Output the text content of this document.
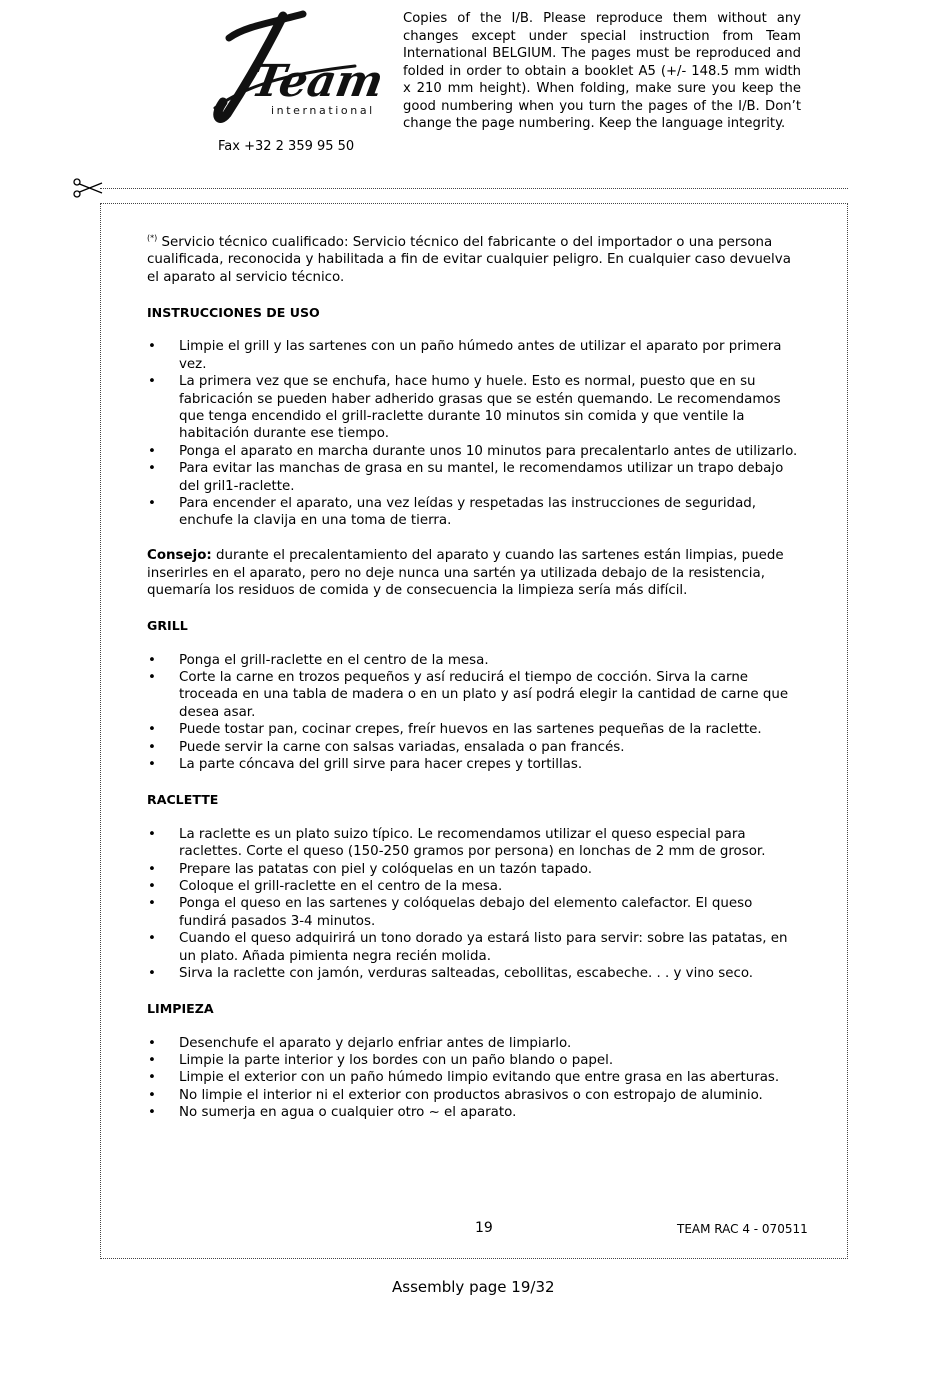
Team
international
Fax +32 2 359 95 50
Copies of the I/B. Please reproduce them without any changes except under special instruction from Team International BELGIUM. The pages must be reproduced and folded in order to obtain a booklet A5 (+/- 148.5 mm width x 210 mm height). When folding, make sure you keep the good numbering when you turn the pages of the I/B. Don’t change the page numbering. Keep the language integrity.

(*) Servicio técnico cualificado: Servicio técnico del fabricante o del importador o una persona cualificada, reconocida y habilitada a fin de evitar cualquier peligro. En cualquier caso devuelva el aparato al servicio técnico.

INSTRUCCIONES DE USO

• Limpie el grill y las sartenes con un paño húmedo antes de utilizar el aparato por primera vez.
• La primera vez que se enchufa, hace humo y huele. Esto es normal, puesto que en su fabricación se pueden haber adherido grasas que se estén quemando. Le recomendamos que tenga encendido el grill-raclette durante 10 minutos sin comida y que ventile la habitación durante ese tiempo.
• Ponga el aparato en marcha durante unos 10 minutos para precalentarlo antes de utilizarlo.
• Para evitar las manchas de grasa en su mantel, le recomendamos utilizar un trapo debajo del gril1-raclette.
• Para encender el aparato, una vez leídas y respetadas las instrucciones de seguridad, enchufe la clavija en una toma de tierra.

Consejo: durante el precalentamiento del aparato y cuando las sartenes están limpias, puede inserirles en el aparato, pero no deje nunca una sartén ya utilizada debajo de la resistencia, quemaría los residuos de comida y de consecuencia la limpieza sería más difícil.

GRILL

• Ponga el grill-raclette en el centro de la mesa.
• Corte la carne en trozos pequeños y así reducirá el tiempo de cocción. Sirva la carne troceada en una tabla de madera o en un plato y así podrá elegir la cantidad de carne que desea asar.
• Puede tostar pan, cocinar crepes, freír huevos en las sartenes pequeñas de la raclette.
• Puede servir la carne con salsas variadas, ensalada o pan francés.
• La parte cóncava del grill sirve para hacer crepes y tortillas.

RACLETTE

• La raclette es un plato suizo típico. Le recomendamos utilizar el queso especial para raclettes. Corte el queso (150-250 gramos por persona) en lonchas de 2 mm de grosor.
• Prepare las patatas con piel y colóquelas en un tazón tapado.
• Coloque el grill-raclette en el centro de la mesa.
• Ponga el queso en las sartenes y colóquelas debajo del elemento calefactor. El queso fundirá pasados 3-4 minutos.
• Cuando el queso adquirirá un tono dorado ya estará listo para servir: sobre las patatas, en un plato. Añada pimienta negra recién molida.
• Sirva la raclette con jamón, verduras salteadas, cebollitas, escabeche. . . y vino seco.

LIMPIEZA

• Desenchufe el aparato y dejarlo enfriar antes de limpiarlo.
• Limpie la parte interior y los bordes con un paño blando o papel.
• Limpie el exterior con un paño húmedo limpio evitando que entre grasa en las aberturas.
• No limpie el interior ni el exterior con productos abrasivos o con estropajo de aluminio.
• No sumerja en agua o cualquier otro ~ el aparato.
19	TEAM RAC 4 - 070511
Assembly page 19/32
